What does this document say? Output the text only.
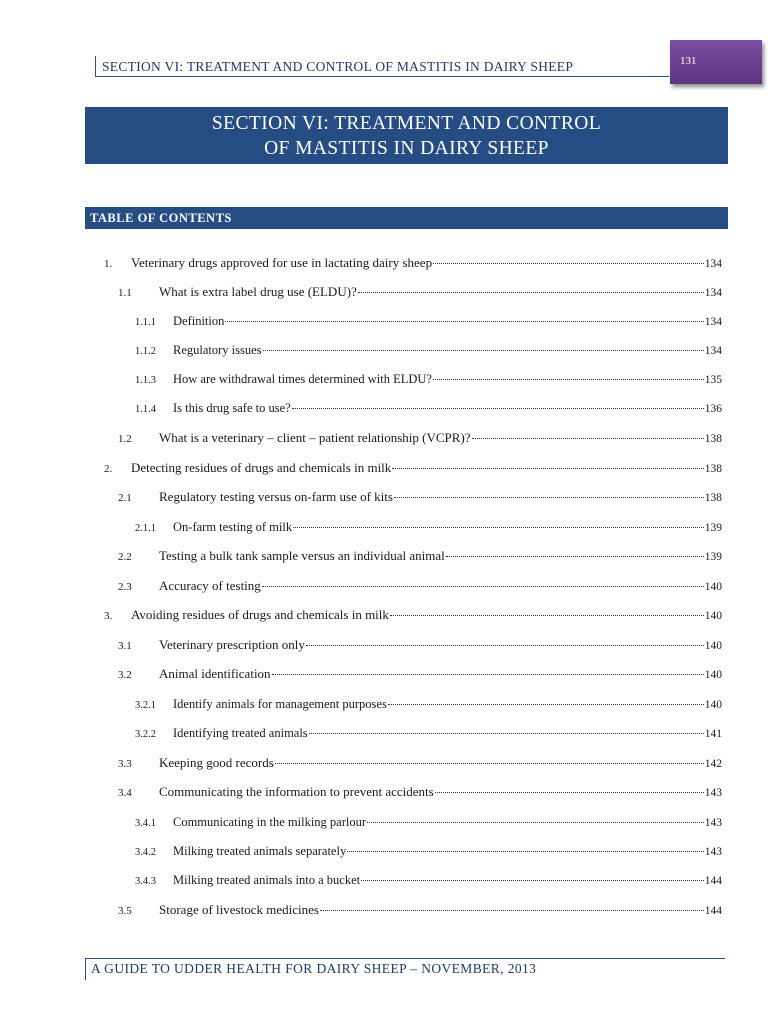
SECTION VI: TREATMENT AND CONTROL OF MASTITIS IN DAIRY SHEEP	131
SECTION VI: TREATMENT AND CONTROL
OF MASTITIS IN DAIRY SHEEP
TABLE OF CONTENTS
1.	Veterinary drugs approved for use in lactating dairy sheep	134
1.1	What is extra label drug use (ELDU)?	134
1.1.1	Definition	134
1.1.2	Regulatory issues	134
1.1.3	How are withdrawal times determined with ELDU?	135
1.1.4	Is this drug safe to use?	136
1.2	What is a veterinary – client – patient relationship (VCPR)?	138
2.	Detecting residues of drugs and chemicals in milk	138
2.1	Regulatory testing versus on-farm use of kits	138
2.1.1	On-farm testing of milk	139
2.2	Testing a bulk tank sample versus an individual animal	139
2.3	Accuracy of testing	140
3.	Avoiding residues of drugs and chemicals in milk	140
3.1	Veterinary prescription only	140
3.2	Animal identification	140
3.2.1	Identify animals for management purposes	140
3.2.2	Identifying treated animals	141
3.3	Keeping good records	142
3.4	Communicating the information to prevent accidents	143
3.4.1	Communicating in the milking parlour	143
3.4.2	Milking treated animals separately	143
3.4.3	Milking treated animals into a bucket	144
3.5	Storage of livestock medicines	144
A GUIDE TO UDDER HEALTH FOR DAIRY SHEEP – NOVEMBER, 2013
